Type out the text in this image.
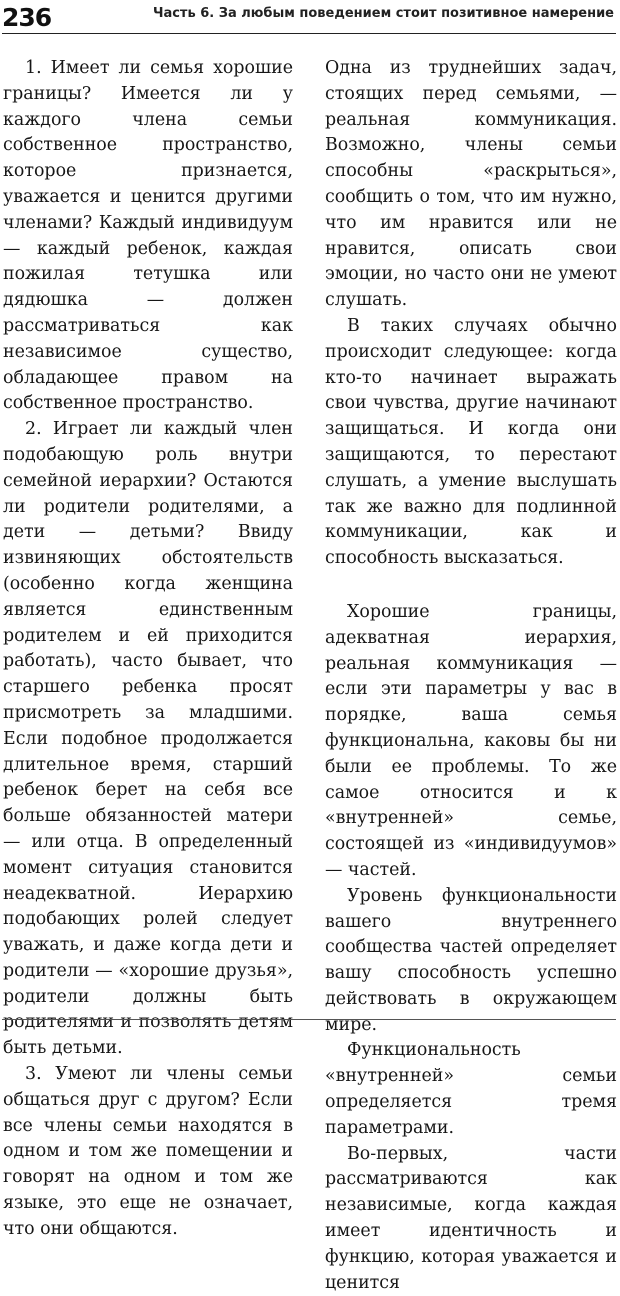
236	Часть 6. За любым поведением стоит позитивное намерение

1. Имеет ли семья хорошие границы? Имеется ли у каждого члена семьи собственное пространство, которое признается, уважается и ценится другими членами? Каждый индивидуум — каждый ребенок, каждая пожилая тетушка или дядюшка — должен рассматриваться как независимое существо, обладающее правом на собственное пространство.

2. Играет ли каждый член подобающую роль внутри семейной иерархии? Остаются ли родители родителями, а дети — детьми? Ввиду извиняющих обстоятельств (особенно когда женщина является единственным родителем и ей приходится работать), часто бывает, что старшего ребенка просят присмотреть за младшими. Если подобное продолжается длительное время, старший ребенок берет на себя все больше обязанностей матери — или отца. В определенный момент ситуация становится неадекватной. Иерархию подобающих ролей следует уважать, и даже когда дети и родители — «хорошие друзья», родители должны быть родителями и позволять детям быть детьми.

3. Умеют ли члены семьи общаться друг с другом? Если все члены семьи находятся в одном и том же помещении и говорят на одном и том же языке, это еще не означает, что они общаются.

Одна из труднейших задач, стоящих перед семьями, — реальная коммуникация. Возможно, члены семьи способны «раскрыться», сообщить о том, что им нужно, что им нравится или не нравится, описать свои эмоции, но часто они не умеют слушать.

В таких случаях обычно происходит следующее: когда кто-то начинает выражать свои чувства, другие начинают защищаться. И когда они защищаются, то перестают слушать, а умение выслушать так же важно для подлинной коммуникации, как и способность высказаться.

Хорошие границы, адекватная иерархия, реальная коммуникация — если эти параметры у вас в порядке, ваша семья функциональна, каковы бы ни были ее проблемы. То же самое относится и к «внутренней» семье, состоящей из «индивидуумов» — частей.

Уровень функциональности вашего внутреннего сообщества частей определяет вашу способность успешно действовать в окружающем мире.

Функциональность «внутренней» семьи определяется тремя параметрами.

Во-первых, части рассматриваются как независимые, когда каждая имеет идентичность и функцию, которая уважается и ценится
